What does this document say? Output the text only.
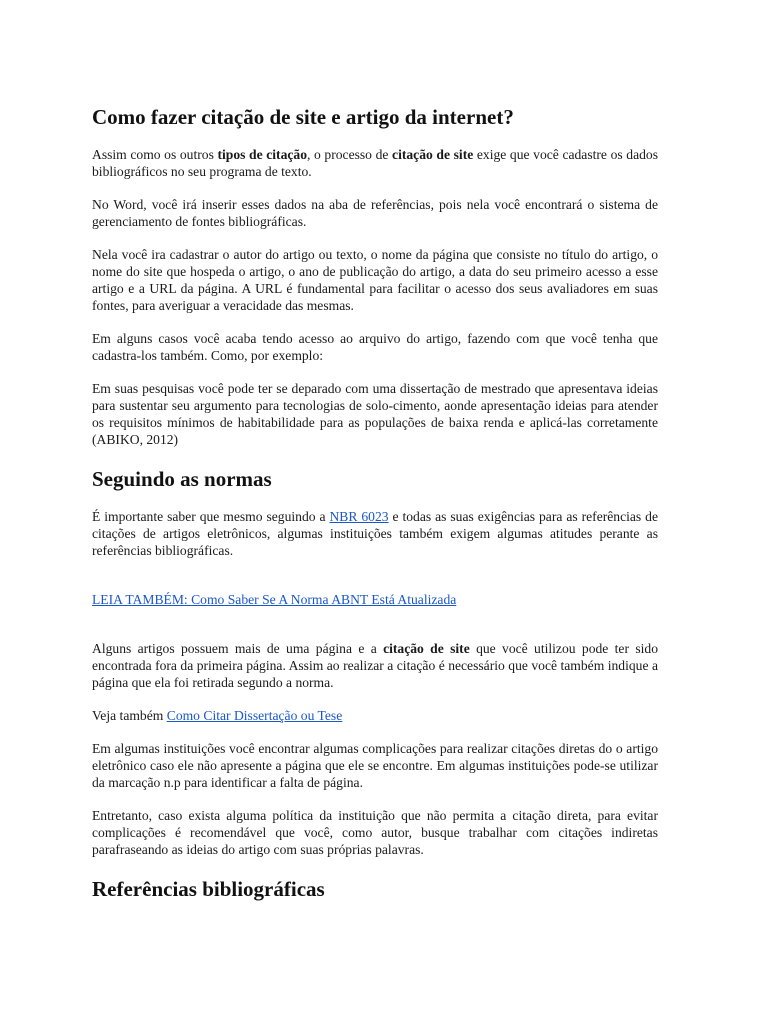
Como fazer citação de site e artigo da internet?

Assim como os outros tipos de citação, o processo de citação de site exige que você cadastre os dados bibliográficos no seu programa de texto.

No Word, você irá inserir esses dados na aba de referências, pois nela você encontrará o sistema de gerenciamento de fontes bibliográficas.

Nela você ira cadastrar o autor do artigo ou texto, o nome da página que consiste no título do artigo, o nome do site que hospeda o artigo, o ano de publicação do artigo, a data do seu primeiro acesso a esse artigo e a URL da página. A URL é fundamental para facilitar o acesso dos seus avaliadores em suas fontes, para averiguar a veracidade das mesmas.

Em alguns casos você acaba tendo acesso ao arquivo do artigo, fazendo com que você tenha que cadastra-los também. Como, por exemplo:

Em suas pesquisas você pode ter se deparado com uma dissertação de mestrado que apresentava ideias para sustentar seu argumento para tecnologias de solo-cimento, aonde apresentação ideias para atender os requisitos mínimos de habitabilidade para as populações de baixa renda e aplicá-las corretamente (ABIKO, 2012)

Seguindo as normas

É importante saber que mesmo seguindo a NBR 6023 e todas as suas exigências para as referências de citações de artigos eletrônicos, algumas instituições também exigem algumas atitudes perante as referências bibliográficas.

LEIA TAMBÉM: Como Saber Se A Norma ABNT Está Atualizada

Alguns artigos possuem mais de uma página e a citação de site que você utilizou pode ter sido encontrada fora da primeira página. Assim ao realizar a citação é necessário que você também indique a página que ela foi retirada segundo a norma.

Veja também Como Citar Dissertação ou Tese

Em algumas instituições você encontrar algumas complicações para realizar citações diretas do o artigo eletrônico caso ele não apresente a página que ele se encontre. Em algumas instituições pode-se utilizar da marcação n.p para identificar a falta de página.

Entretanto, caso exista alguma política da instituição que não permita a citação direta, para evitar complicações é recomendável que você, como autor, busque trabalhar com citações indiretas parafraseando as ideias do artigo com suas próprias palavras.

Referências bibliográficas
